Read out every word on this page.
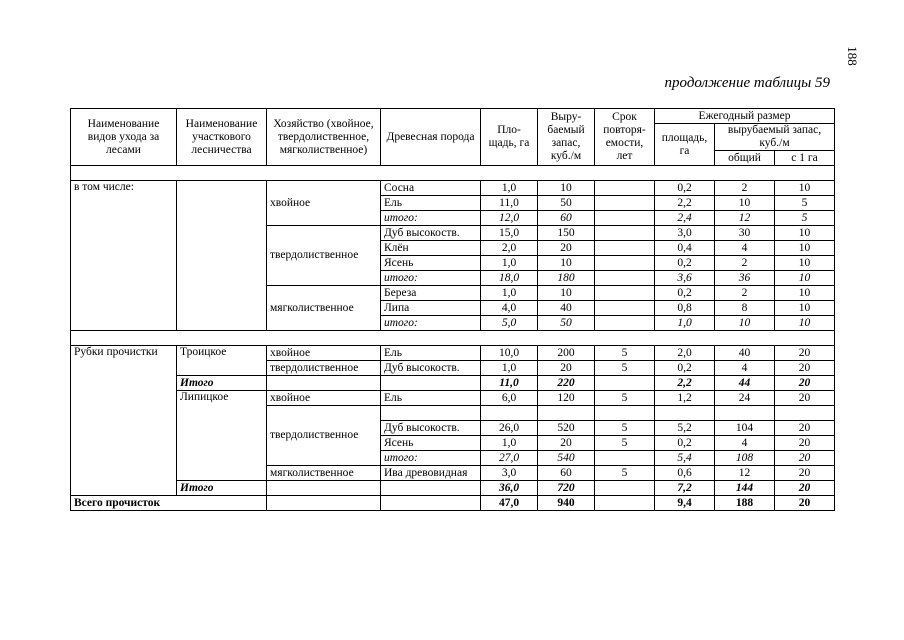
188
продолжение таблицы 59
Наименование видов ухода за лесами	Наименование участкового лесничества	Хозяйство (хвойное, твердолиственное, мягколиственное)	Древесная порода	Пло-щадь, га	Выру-баемый запас, куб./м	Срок повторя-емости, лет	Ежегодный размер		
							площадь, га	вырубаемый запас, куб./м	
								общий	с 1 га

в том числе:		хвойное	Сосна	1,0	10		0,2	2	10
			Ель	11,0	50		2,2	10	5
			итого:	12,0	60		2,4	12	5
		твердолиственное	Дуб высокоств.	15,0	150		3,0	30	10
			Клён	2,0	20		0,4	4	10
			Ясень	1,0	10		0,2	2	10
			итого:	18,0	180		3,6	36	10
		мягколиственное	Береза	1,0	10		0,2	2	10
			Липа	4,0	40		0,8	8	10
			итого:	5,0	50		1,0	10	10

Рубки прочистки	Троицкое	хвойное	Ель	10,0	200	5	2,0	40	20
		твердолиственное	Дуб высокоств.	1,0	20	5	0,2	4	20
	Итого			11,0	220		2,2	44	20
	Липицкое	хвойное	Ель	6,0	120	5	1,2	24	20
		твердолиственное							
			Дуб высокоств.	26,0	520	5	5,2	104	20
			Ясень	1,0	20	5	0,2	4	20
			итого:	27,0	540		5,4	108	20
		мягколиственное	Ива древовидная	3,0	60	5	0,6	12	20
	Итого			36,0	720		7,2	144	20
Всего прочисток				47,0	940		9,4	188	20
